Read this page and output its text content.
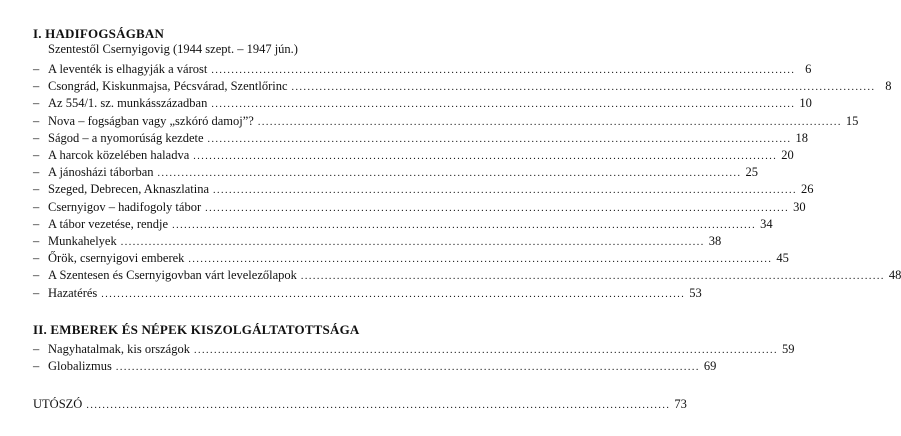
I. HADIFOGSÁGBAN
Szentestől Csernyigovig (1944 szept. – 1947 jún.)
– A leventék is elhagyják a várost .................................................................................................................................................. 6
– Csongrád, Kiskunmajsa, Pécsvárad, Szentlőrinc .................................................................................................................................................. 8
– Az 554/1. sz. munkásszázadban .................................................................................................................................................. 10
– Nova – fogságban vagy „szkóró damoj”? .................................................................................................................................................. 15
– Ságod – a nyomorúság kezdete .................................................................................................................................................. 18
– A harcok közelében haladva .................................................................................................................................................. 20
– A jánosházi táborban .................................................................................................................................................. 25
– Szeged, Debrecen, Aknaszlatina .................................................................................................................................................. 26
– Csernyigov – hadifogoly tábor .................................................................................................................................................. 30
– A tábor vezetése, rendje .................................................................................................................................................. 34
– Munkahelyek .................................................................................................................................................. 38
– Őrök, csernyigovi emberek .................................................................................................................................................. 45
– A Szentesen és Csernyigovban várt levelezőlapok .................................................................................................................................................. 48
– Hazatérés .................................................................................................................................................. 53
II. EMBEREK ÉS NÉPEK KISZOLGÁLTATOTTSÁGA
– Nagyhatalmak, kis országok .................................................................................................................................................. 59
– Globalizmus .................................................................................................................................................. 69
UTÓSZÓ .................................................................................................................................................. 73
